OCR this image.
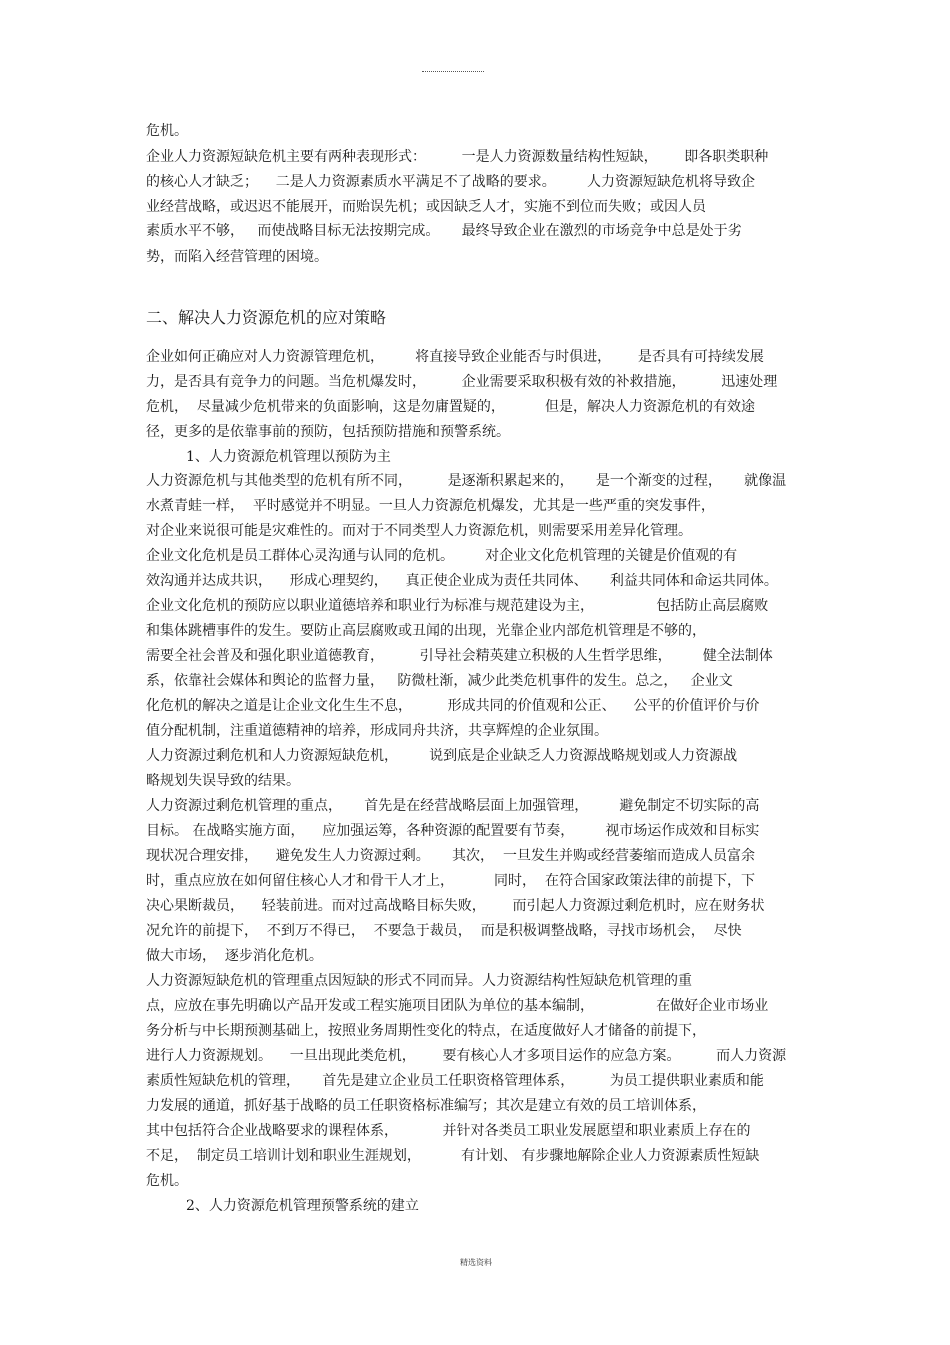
危机。
企业人力资源短缺危机主要有两种表现形式：        一是人力资源数量结构性短缺，      即各职类职种
的核心人才缺乏；    二是人力资源素质水平满足不了战略的要求。       人力资源短缺危机将导致企
业经营战略，或迟迟不能展开，而贻误先机；或因缺乏人才，实施不到位而失败；或因人员
素质水平不够，   而使战略目标无法按期完成。     最终导致企业在激烈的市场竞争中总是处于劣
势，而陷入经营管理的困境。
二、解决人力资源危机的应对策略
企业如何正确应对人力资源管理危机，       将直接导致企业能否与时俱进，      是否具有可持续发展
力，是否具有竞争力的问题。当危机爆发时，        企业需要采取积极有效的补救措施，        迅速处理
危机，  尽量减少危机带来的负面影响，这是勿庸置疑的，         但是，解决人力资源危机的有效途
径，更多的是依靠事前的预防，包括预防措施和预警系统。
1、人力资源危机管理以预防为主
人力资源危机与其他类型的危机有所不同，        是逐渐积累起来的，     是一个渐变的过程，     就像温
水煮青蛙一样，  平时感觉并不明显。一旦人力资源危机爆发，尤其是一些严重的突发事件，
对企业来说很可能是灾难性的。而对于不同类型人力资源危机，则需要采用差异化管理。
企业文化危机是员工群体心灵沟通与认同的危机。       对企业文化危机管理的关键是价值观的有
效沟通并达成共识，    形成心理契约，    真正使企业成为责任共同体、     利益共同体和命运共同体。
企业文化危机的预防应以职业道德培养和职业行为标准与规范建设为主，              包括防止高层腐败
和集体跳槽事件的发生。要防止高层腐败或丑闻的出现，光靠企业内部危机管理是不够的，
需要全社会普及和强化职业道德教育，        引导社会精英建立积极的人生哲学思维，       健全法制体
系，依靠社会媒体和舆论的监督力量，   防微杜渐，减少此类危机事件的发生。总之，   企业文
化危机的解决之道是让企业文化生生不息，        形成共同的价值观和公正、    公平的价值评价与价
值分配机制，注重道德精神的培养，形成同舟共济，共享辉煌的企业氛围。
人力资源过剩危机和人力资源短缺危机，       说到底是企业缺乏人力资源战略规划或人力资源战
略规划失误导致的结果。
人力资源过剩危机管理的重点，     首先是在经营战略层面上加强管理，       避免制定不切实际的高
目标。 在战略实施方面，    应加强运筹，各种资源的配置要有节奏，       视市场运作成效和目标实
现状况合理安排，    避免发生人力资源过剩。     其次，  一旦发生并购或经营萎缩而造成人员富余
时，重点应放在如何留住核心人才和骨干人才上，         同时，  在符合国家政策法律的前提下，下
决心果断裁员，    轻装前进。而对过高战略目标失败，      而引起人力资源过剩危机时，应在财务状
况允许的前提下，  不到万不得已，  不要急于裁员，  而是积极调整战略，寻找市场机会，  尽快
做大市场，  逐步消化危机。
人力资源短缺危机的管理重点因短缺的形式不同而异。人力资源结构性短缺危机管理的重
点，应放在事先明确以产品开发或工程实施项目团队为单位的基本编制，              在做好企业市场业
务分析与中长期预测基础上，按照业务周期性变化的特点，在适度做好人才储备的前提下，
进行人力资源规划。    一旦出现此类危机，      要有核心人才多项目运作的应急方案。        而人力资源
素质性短缺危机的管理，     首先是建立企业员工任职资格管理体系，        为员工提供职业素质和能
力发展的通道，抓好基于战略的员工任职资格标准编写；其次是建立有效的员工培训体系，
其中包括符合企业战略要求的课程体系，          并针对各类员工职业发展愿望和职业素质上存在的
不足，  制定员工培训计划和职业生涯规划，         有计划、 有步骤地解除企业人力资源素质性短缺
危机。
2、人力资源危机管理预警系统的建立
精选资料
